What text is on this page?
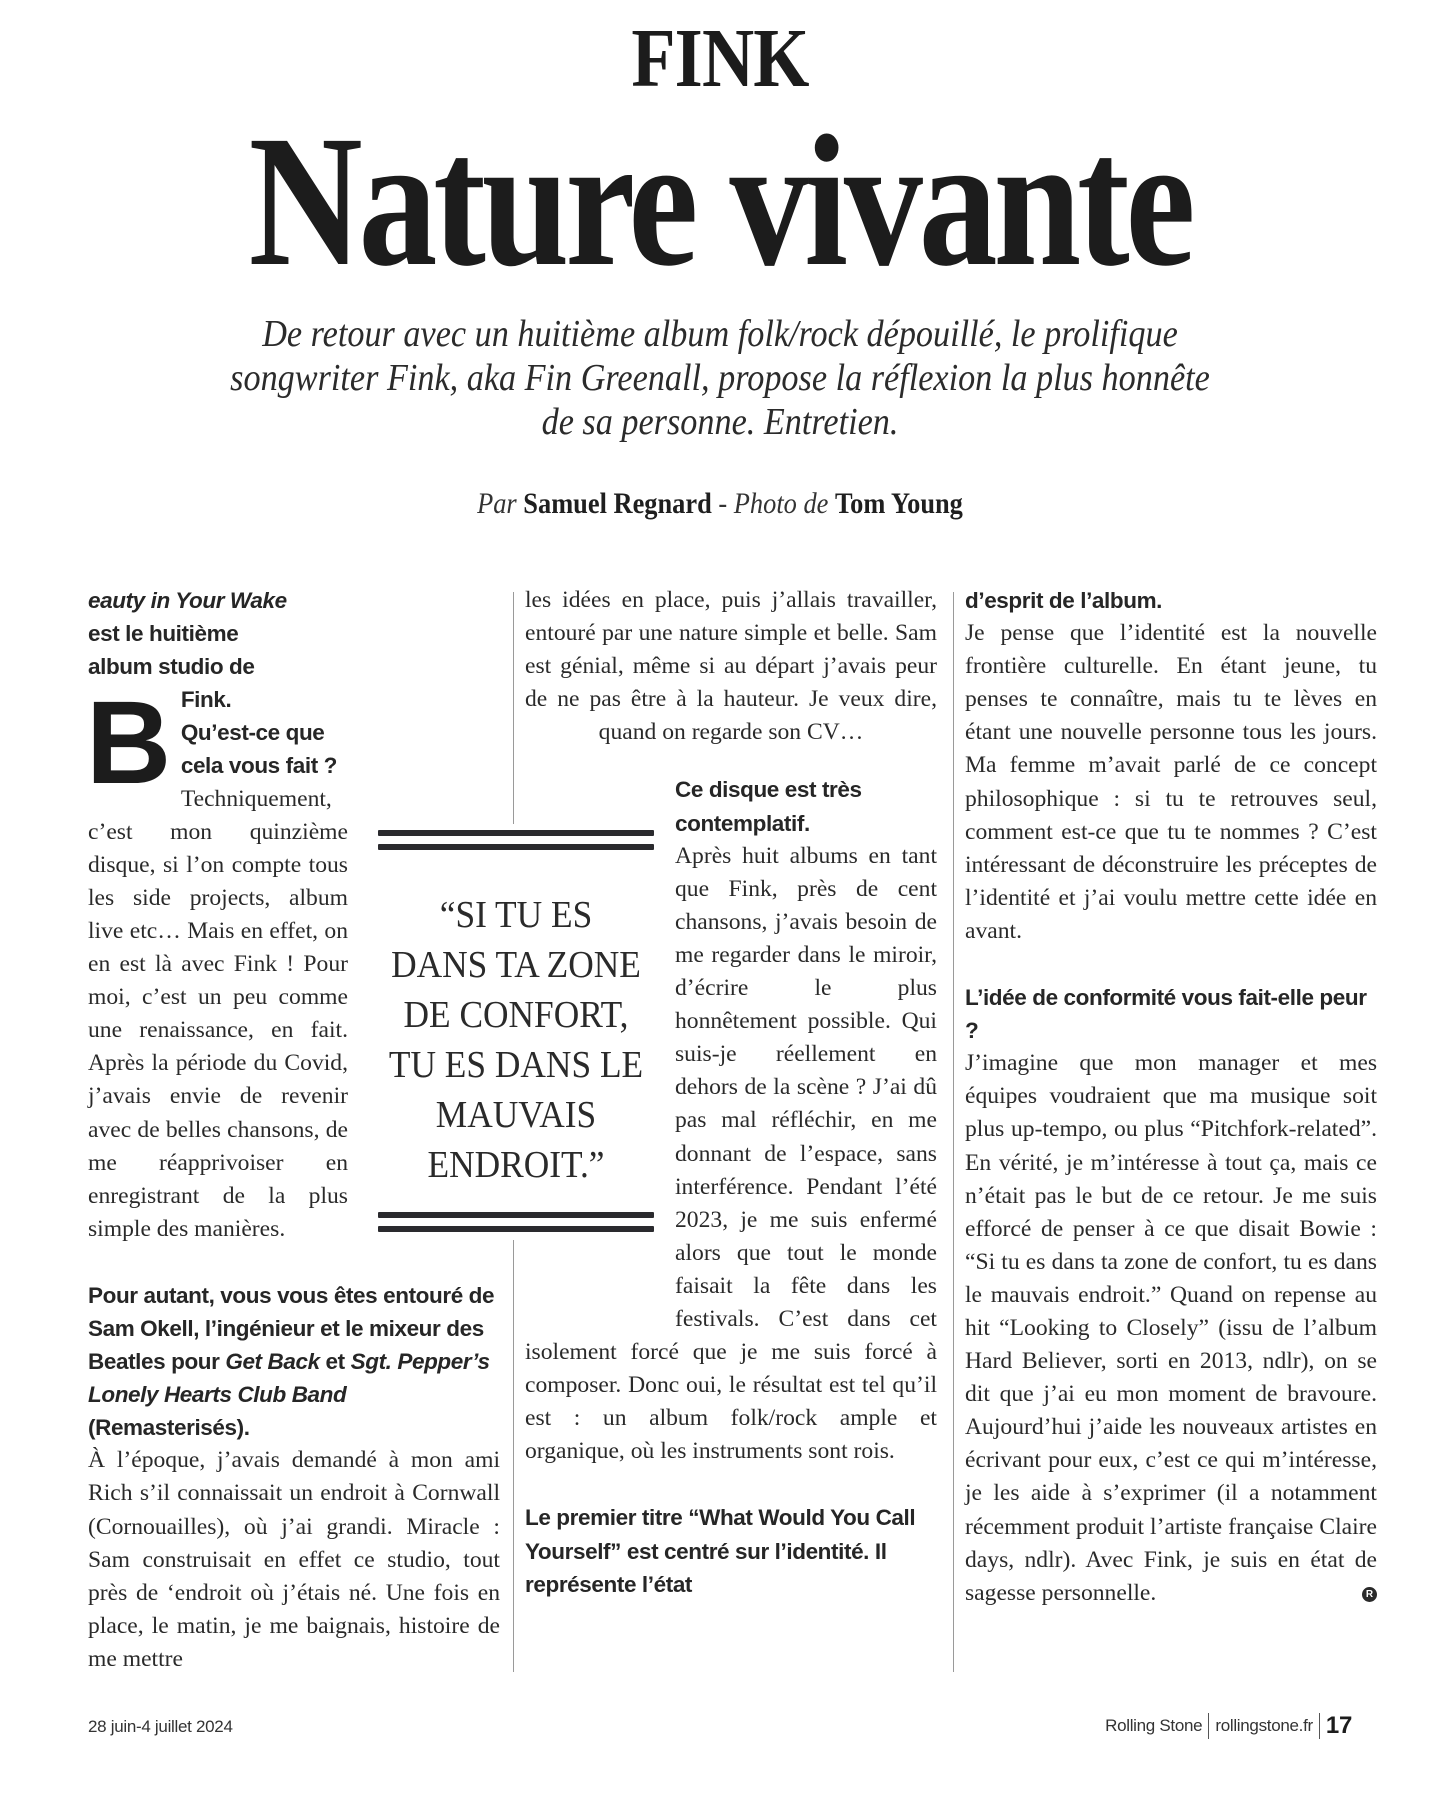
FINK
Nature vivante
De retour avec un huitième album folk/rock dépouillé, le prolifique songwriter Fink, aka Fin Greenall, propose la réflexion la plus honnête de sa personne. Entretien.
Par Samuel Regnard - Photo de Tom Young

B
eauty in Your Wake est le huitième album studio de Fink. Qu’est-ce que cela vous fait ?

Techniquement, c’est mon quinzième disque, si l’on compte tous les side projects, album live etc… Mais en effet, on en est là avec Fink ! Pour moi, c’est un peu comme une renaissance, en fait. Après la période du Covid, j’avais envie de revenir avec de belles chansons, de me réapprivoiser en enregistrant de la plus simple des manières.

Pour autant, vous vous êtes entouré de Sam Okell, l’ingénieur et le mixeur des Beatles pour Get Back et Sgt. Pepper’s Lonely Hearts Club Band (Remasterisés).

À l’époque, j’avais demandé à mon ami Rich s’il connaissait un endroit à Cornwall (Cornouailles), où j’ai grandi. Miracle : Sam construisait en effet ce studio, tout près de ‘endroit où j’étais né. Une fois en place, le matin, je me baignais, histoire de me mettre

les idées en place, puis j’allais travailler, entouré par une nature simple et belle. Sam est génial, même si au départ j’avais peur de ne pas être à la hauteur. Je veux dire, quand on regarde son CV…

Ce disque est très contemplatif.

Après huit albums en tant que Fink, près de cent chansons, j’avais besoin de me regarder dans le miroir, d’écrire le plus honnêtement possible. Qui suis-je réellement en dehors de la scène ? J’ai dû pas mal réfléchir, en me donnant de l’espace, sans interférence. Pendant l’été 2023, je me suis enfermé alors que tout le monde faisait la fête dans les festivals. C’est dans cet isolement forcé que je me suis forcé à composer. Donc oui, le résultat est tel qu’il est : un album folk/rock ample et organique, où les instruments sont rois.

Le premier titre “What Would You Call Yourself” est centré sur l’identité. Il représente l’état

d’esprit de l’album.

Je pense que l’identité est la nouvelle frontière culturelle. En étant jeune, tu penses te connaître, mais tu te lèves en étant une nouvelle personne tous les jours. Ma femme m’avait parlé de ce concept philosophique : si tu te retrouves seul, comment est-ce que tu te nommes ? C’est intéressant de déconstruire les préceptes de l’identité et j’ai voulu mettre cette idée en avant.

L’idée de conformité vous fait-elle peur ?

J’imagine que mon manager et mes équipes voudraient que ma musique soit plus up-tempo, ou plus “Pitchfork-related”. En vérité, je m’intéresse à tout ça, mais ce n’était pas le but de ce retour. Je me suis efforcé de penser à ce que disait Bowie : “Si tu es dans ta zone de confort, tu es dans le mauvais endroit.” Quand on repense au hit “Looking to Closely” (issu de l’album Hard Believer, sorti en 2013, ndlr), on se dit que j’ai eu mon moment de bravoure. Aujourd’hui j’aide les nouveaux artistes en écrivant pour eux, c’est ce qui m’intéresse, je les aide à s’exprimer (il a notamment récemment produit l’artiste française Claire days, ndlr). Avec Fink, je suis en état de sagesse personnelle.	R

“SI TU ES DANS TA ZONE DE CONFORT, TU ES DANS LE MAUVAIS ENDROIT.”
28 juin-4 juillet 2024	Rolling Stone rollingstone.fr 17
